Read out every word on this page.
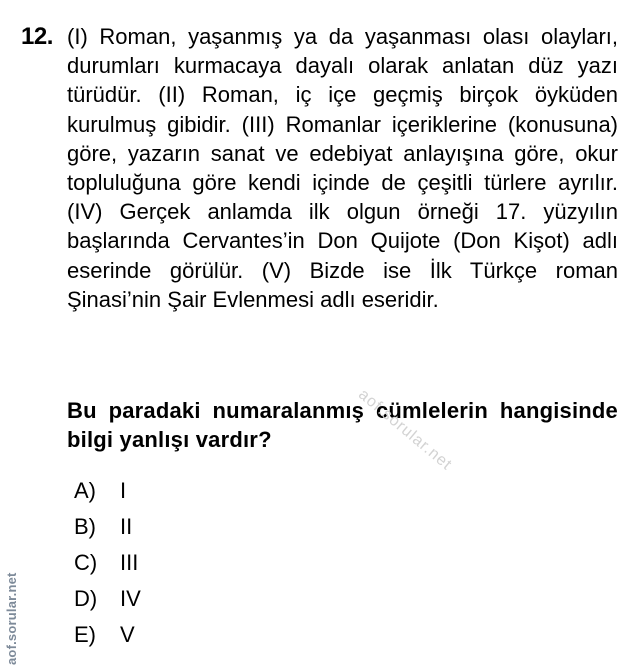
12. (I) Roman, yaşanmış ya da yaşanması olası olayları, durumları kurmacaya dayalı olarak anlatan düz yazı türüdür. (II) Roman, iç içe geçmiş birçok öyküden kurulmuş gibidir. (III) Romanlar içeriklerine (konusuna) göre, yazarın sanat ve edebiyat anlayışına göre, okur topluluğuna göre kendi içinde de çeşitli türlere ayrılır. (IV) Gerçek anlamda ilk olgun örneği 17. yüzyılın başlarında Cervantes’in Don Quijote (Don Kişot) adlı eserinde görülür. (V) Bizde ise İlk Türkçe roman Şinasi’nin Şair Evlenmesi adlı eseridir.

Bu paradaki numaralanmış cümlelerin hangisinde bilgi yanlışı vardır?

A)	I
B)	II
C)	III
D)	IV
E)	V
aof.sorular.net
aof.sorular.net
